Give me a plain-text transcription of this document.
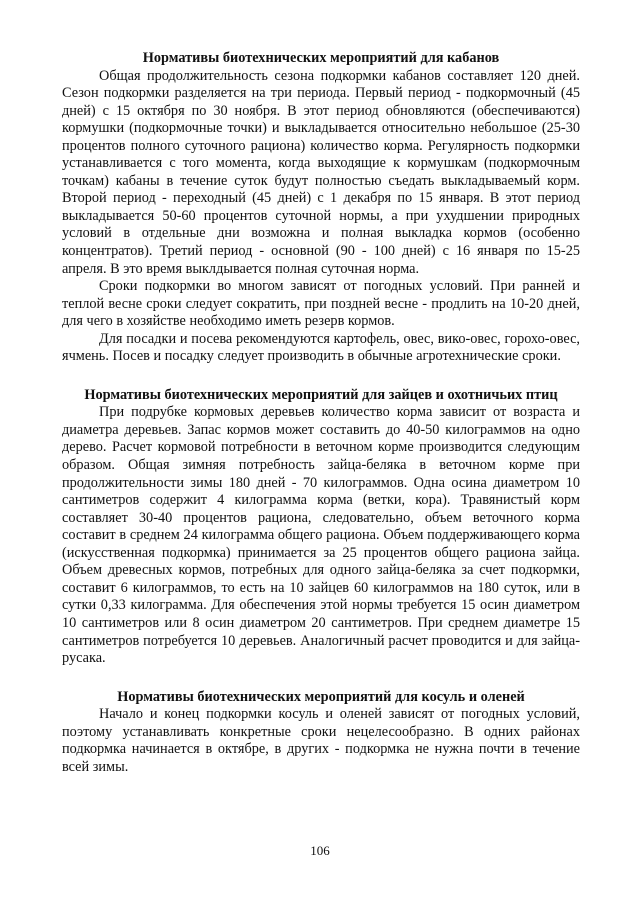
Нормативы биотехнических мероприятий для кабанов

Общая продолжительность сезона подкормки кабанов составляет 120 дней. Сезон подкормки разделяется на три периода. Первый период - подкормочный (45 дней) с 15 октября по 30 ноября. В этот период обновляются (обеспечиваются) кормушки (подкормочные точки) и выкладывается относительно небольшое (25-30 процентов полного суточного рациона) количество корма. Регулярность подкормки устанавливается с того момента, когда выходящие к кормушкам (подкормочным точкам) кабаны в течение суток будут полностью съедать выкладываемый корм. Второй период - переходный (45 дней) с 1 декабря по 15 января. В этот период выкладывается 50-60 процентов суточной нормы, а при ухудшении природных условий в отдельные дни возможна и полная выкладка кормов (особенно концентратов). Третий период - основной (90 - 100 дней) с 16 января по 15-25 апреля. В это время выклдывается полная суточная норма.

Сроки подкормки во многом зависят от погодных условий. При ранней и теплой весне сроки следует сократить, при поздней весне - продлить на 10-20 дней, для чего в хозяйстве необходимо иметь резерв кормов.

Для посадки и посева рекомендуются картофель, овес, вико-овес, горохо-овес, ячмень. Посев и посадку следует производить в обычные агротехнические сроки.

Нормативы биотехнических мероприятий для зайцев и охотничьих птиц

При подрубке кормовых деревьев количество корма зависит от возраста и диаметра деревьев. Запас кормов может составить до 40-50 килограммов на одно дерево. Расчет кормовой потребности в веточном корме производится следующим образом. Общая зимняя потребность зайца-беляка в веточном корме при продолжительности зимы 180 дней - 70 килограммов. Одна осина диаметром 10 сантиметров содержит 4 килограмма корма (ветки, кора). Травянистый корм составляет 30-40 процентов рациона, следовательно, объем веточного корма составит в среднем 24 килограмма общего рациона. Объем поддерживающего корма (искусственная подкормка) принимается за 25 процентов общего рациона зайца. Объем древесных кормов, потребных для одного зайца-беляка за счет подкормки, составит 6 килограммов, то есть на 10 зайцев 60 килограммов на 180 суток, или в сутки 0,33 килограмма. Для обеспечения этой нормы требуется 15 осин диаметром 10 сантиметров или 8 осин диаметром 20 сантиметров. При среднем диаметре 15 сантиметров потребуется 10 деревьев. Аналогичный расчет проводится и для зайца-русака.

Нормативы биотехнических мероприятий для косуль и оленей

Начало и конец подкормки косуль и оленей зависят от погодных условий, поэтому устанавливать конкретные сроки нецелесообразно. В одних районах подкормка начинается в октябре, в других - подкормка не нужна почти в течение всей зимы.

106
